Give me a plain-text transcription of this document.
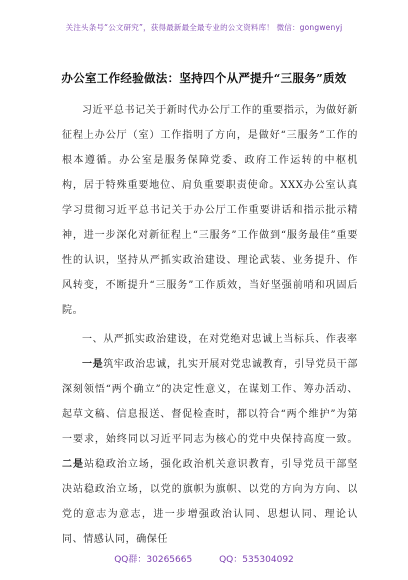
关注头条号“公文研究”，获得最新最全最专业的公文资料库！ 微信：gongwenyj
办公室工作经验做法：坚持四个从严提升“三服务”质效

习近平总书记关于新时代办公厅工作的重要指示，为做好新征程上办公厅（室）工作指明了方向，是做好“三服务”工作的根本遵循。办公室是服务保障党委、政府工作运转的中枢机构，居于特殊重要地位、肩负重要职责使命。XXX办公室认真学习贯彻习近平总书记关于办公厅工作重要讲话和指示批示精神，进一步深化对新征程上“三服务”工作做到“服务最佳”重要性的认识，坚持从严抓实政治建设、理论武装、业务提升、作风转变，不断提升“三服务”工作质效，当好坚强前哨和巩固后院。

一、从严抓实政治建设，在对党绝对忠诚上当标兵、作表率

一是筑牢政治忠诚，扎实开展对党忠诚教育，引导党员干部深刻领悟“两个确立”的决定性意义，在谋划工作、筹办活动、起草文稿、信息报送、督促检查时，都以符合“两个维护”为第一要求，始终同以习近平同志为核心的党中央保持高度一致。二是站稳政治立场，强化政治机关意识教育，引导党员干部坚决站稳政治立场，以党的旗帜为旗帜、以党的方向为方向、以党的意志为意志，进一步增强政治认同、思想认同、理论认同、情感认同，确保任

QQ群：30265665	QQ：535304092
